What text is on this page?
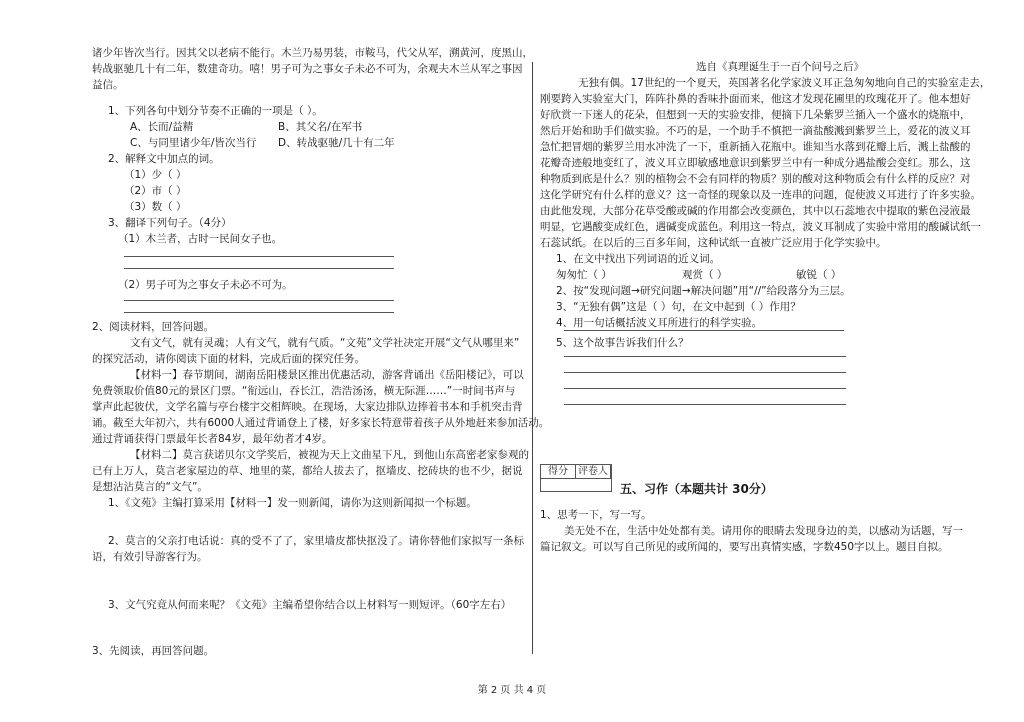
诸少年皆次当行。因其父以老病不能行。木兰乃易男装，市鞍马，代父从军，溯黄河，度黑山，
转战驱驰几十有二年，数建奇功。嘻！男子可为之事女子未必不可为，余观夫木兰从军之事因
益信。
1、下列各句中划分节奏不正确的一项是（ ）。
A、长而/益精	B、其父名/在军书
C、与同里诸少年/皆次当行 D、转战驱驰/几十有二年
2、解释文中加点的词。
（1）少（ ）
（2）市（ ）
（3）数（ ）
3、翻译下列句子。（4分）
（1）木兰者，古时一民间女子也。
（2）男子可为之事女子未必不可为。
2、阅读材料，回答问题。
文有文气，就有灵魂；人有文气，就有气质。“文苑”文学社决定开展“文气从哪里来”
的探究活动，请你阅读下面的材料，完成后面的探究任务。
【材料一】春节期间，湖南岳阳楼景区推出优惠活动，游客背诵出《岳阳楼记》，可以
免费领取价值80元的景区门票。“衔远山，吞长江，浩浩汤汤，横无际涯……”一时间书声与
掌声此起彼伏，文学名篇与亭台楼宇交相辉映。在现场，大家边排队边捧着书本和手机突击背
诵。截至大年初六，共有6000人通过背诵登上了楼，好多家长特意带着孩子从外地赶来参加活动。
通过背诵获得门票最年长者84岁，最年幼者才4岁。
【材料二】莫言获诺贝尔文学奖后，被视为天上文曲星下凡，到他山东高密老家参观的
已有上万人，莫言老家屋边的草、地里的菜，都给人拔去了，抠墙皮、挖砖块的也不少，据说
是想沾沾莫言的“文气”。
1、《文苑》主编打算采用【材料一】发一则新闻，请你为这则新闻拟一个标题。
2、莫言的父亲打电话说：真的受不了了，家里墙皮都快抠没了。请你替他们家拟写一条标
语，有效引导游客行为。
3、文气究竟从何而来呢？《文苑》主编希望你结合以上材料写一则短评。（60字左右）
3、先阅读，再回答问题。
选自《真理诞生于一百个问号之后》
无独有偶。17世纪的一个夏天，英国著名化学家波义耳正急匆匆地向自己的实验室走去，
刚要跨入实验室大门，阵阵扑鼻的香味扑面而来，他这才发现花圃里的玫瑰花开了。他本想好
好欣赏一下迷人的花朵，但想到一天的实验安排，便摘下几朵紫罗兰插入一个盛水的烧瓶中，
然后开始和助手们做实验。不巧的是，一个助手不慎把一滴盐酸溅到紫罗兰上，爱花的波义耳
急忙把冒烟的紫罗兰用水冲洗了一下，重新插入花瓶中。谁知当水落到花瓣上后，溅上盐酸的
花瓣奇迹般地变红了，波义耳立即敏感地意识到紫罗兰中有一种成分遇盐酸会变红。那么，这
种物质到底是什么？别的植物会不会有同样的物质？别的酸对这种物质会有什么样的反应？对
这化学研究有什么样的意义？这一奇怪的现象以及一连串的问题，促使波义耳进行了许多实验。
由此他发现，大部分花草受酸或碱的作用都会改变颜色，其中以石蕊地衣中提取的紫色浸液最
明显，它遇酸变成红色，遇碱变成蓝色。利用这一特点，波义耳制成了实验中常用的酸碱试纸一
石蕊试纸。在以后的三百多年间，这种试纸一直被广泛应用于化学实验中。
1、在文中找出下列词语的近义词。
匆匆忙（ ）	观赏（ ）	敏锐（ ）
2、按“发现问题→研究问题→解决问题”用“//”给段落分为三层。
3、“无独有偶”这是（ ）句，在文中起到（ ）作用？
4、用一句话概括波义耳所进行的科学实验。
5、这个故事告诉我们什么？
1、思考一下，写一写。
美无处不在，生活中处处都有美。请用你的眼睛去发现身边的美，以感动为话题，写一
篇记叙文。可以写自己所见的或所闻的，要写出真情实感，字数450字以上。题目自拟。
得分	评卷人
五、习作（本题共计 30分）
第 2 页 共 4 页
